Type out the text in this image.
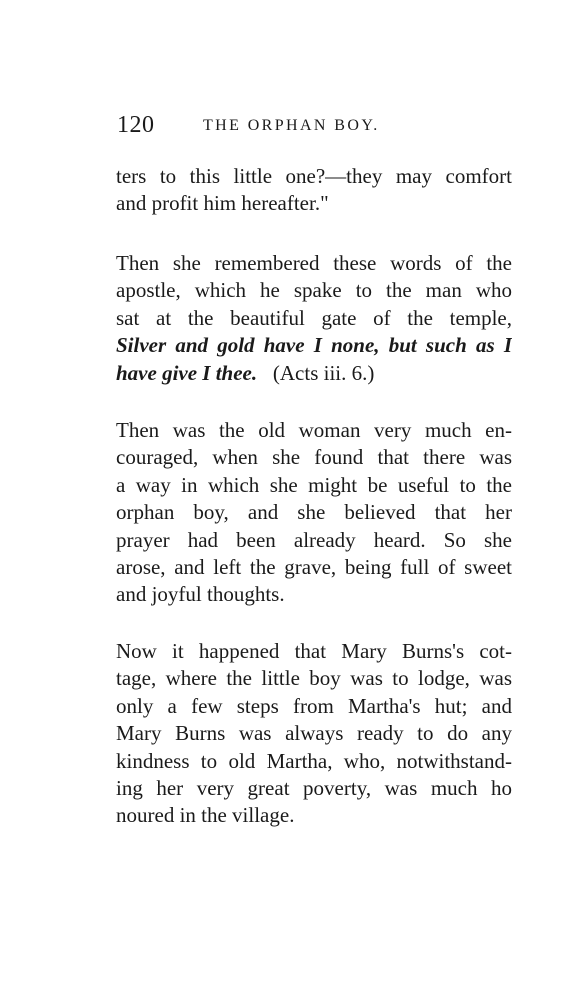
120	THE ORPHAN BOY.
ters to this little one?—they may comfort
and profit him hereafter."
Then she remembered these words of the
apostle, which he spake to the man who
sat at the beautiful gate of the temple,
Silver and gold have I none, but such as I
have give I thee. (Acts iii. 6.)
Then was the old woman very much en-
couraged, when she found that there was
a way in which she might be useful to the
orphan boy, and she believed that her
prayer had been already heard. So she
arose, and left the grave, being full of sweet
and joyful thoughts.
Now it happened that Mary Burns's cot-
tage, where the little boy was to lodge, was
only a few steps from Martha's hut; and
Mary Burns was always ready to do any
kindness to old Martha, who, notwithstand-
ing her very great poverty, was much ho
noured in the village.
